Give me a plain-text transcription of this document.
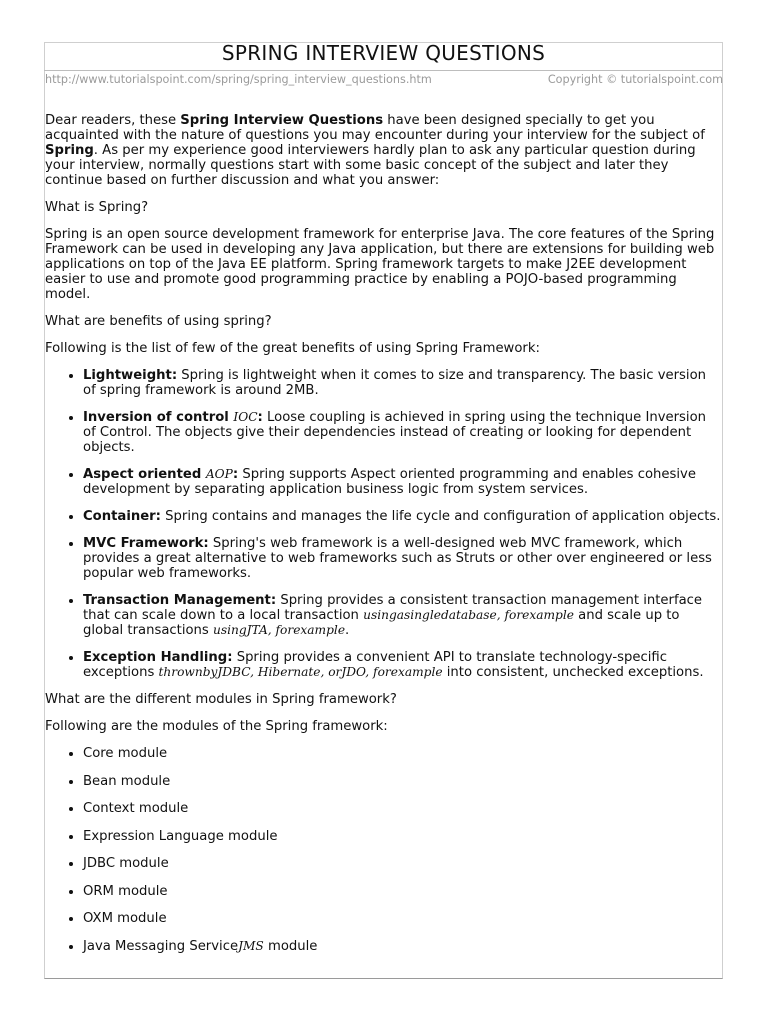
SPRING INTERVIEW QUESTIONS
http://www.tutorialspoint.com/spring/spring_interview_questions.htm	Copyright © tutorialspoint.com

Dear readers, these Spring Interview Questions have been designed specially to get you acquainted with the nature of questions you may encounter during your interview for the subject of Spring. As per my experience good interviewers hardly plan to ask any particular question during your interview, normally questions start with some basic concept of the subject and later they continue based on further discussion and what you answer:

What is Spring?

Spring is an open source development framework for enterprise Java. The core features of the Spring Framework can be used in developing any Java application, but there are extensions for building web applications on top of the Java EE platform. Spring framework targets to make J2EE development easier to use and promote good programming practice by enabling a POJO-based programming model.

What are benefits of using spring?

Following is the list of few of the great benefits of using Spring Framework:

Lightweight: Spring is lightweight when it comes to size and transparency. The basic version of spring framework is around 2MB.
Inversion of control IOC: Loose coupling is achieved in spring using the technique Inversion of Control. The objects give their dependencies instead of creating or looking for dependent objects.
Aspect oriented AOP: Spring supports Aspect oriented programming and enables cohesive development by separating application business logic from system services.
Container: Spring contains and manages the life cycle and configuration of application objects.
MVC Framework: Spring's web framework is a well-designed web MVC framework, which provides a great alternative to web frameworks such as Struts or other over engineered or less popular web frameworks.
Transaction Management: Spring provides a consistent transaction management interface that can scale down to a local transaction usingasingledatabase, forexample and scale up to global transactions usingJTA, forexample.
Exception Handling: Spring provides a convenient API to translate technology-specific exceptions thrownbyJDBC, Hibernate, orJDO, forexample into consistent, unchecked exceptions.

What are the different modules in Spring framework?

Following are the modules of the Spring framework:

Core module
Bean module
Context module
Expression Language module
JDBC module
ORM module
OXM module
Java Messaging ServiceJMS module
